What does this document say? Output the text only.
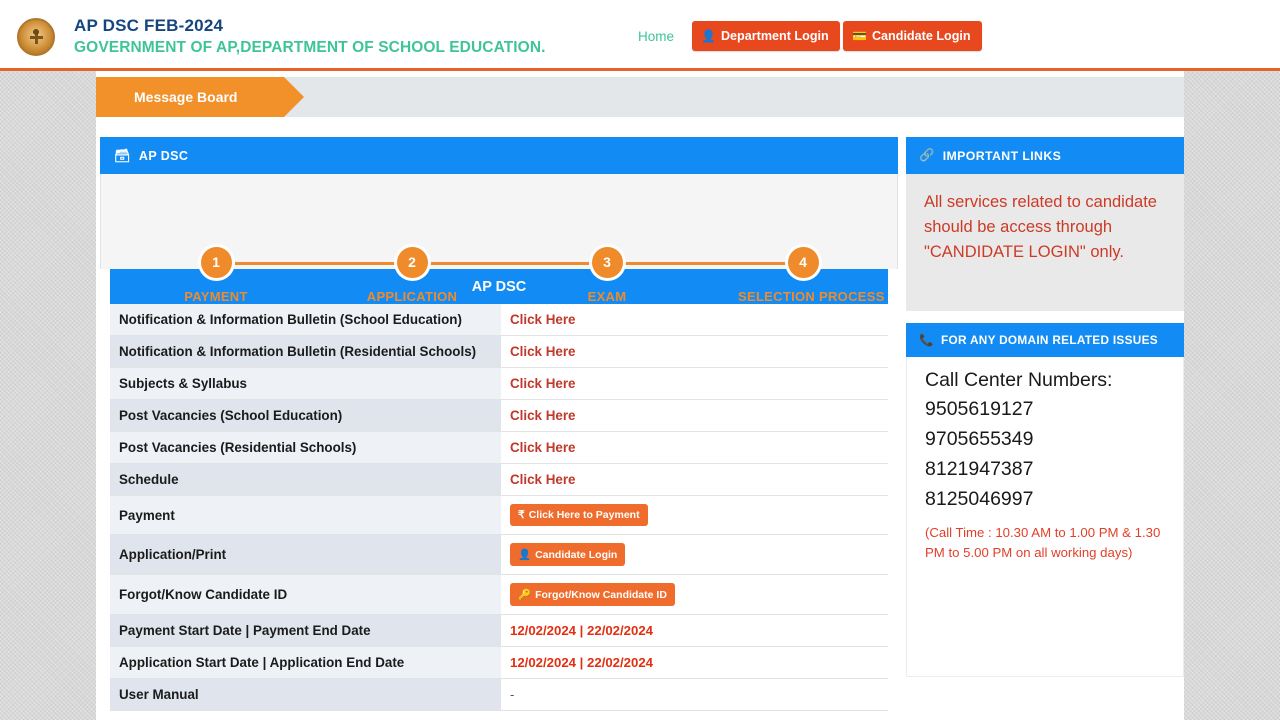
AP DSC FEB-2024
GOVERNMENT OF AP,DEPARTMENT OF SCHOOL EDUCATION.
Home 👤 Department Login 💳 Candidate Login
Message Board
🗃 AP DSC
1
PAYMENT
2
APPLICATION
3
EXAM
4
SELECTION PROCESS
AP DSC
Notification & Information Bulletin (School Education)	Click Here
Notification & Information Bulletin (Residential Schools)	Click Here
Subjects & Syllabus	Click Here
Post Vacancies (School Education)	Click Here
Post Vacancies (Residential Schools)	Click Here
Schedule	Click Here
Payment	₹ Click Here to Payment

Application/Print	👤 Candidate Login

Forgot/Know Candidate ID	🔑 Forgot/Know Candidate ID

Payment Start Date | Payment End Date	12/02/2024 | 22/02/2024
Application Start Date | Application End Date	12/02/2024 | 22/02/2024
User Manual	-
🔗 IMPORTANT LINKS
All services related to candidate should be access through "CANDIDATE LOGIN" only.
📞 FOR ANY DOMAIN RELATED ISSUES
Call Center Numbers:
9505619127
9705655349
8121947387
8125046997
(Call Time : 10.30 AM to 1.00 PM & 1.30 PM to 5.00 PM on all working days)
